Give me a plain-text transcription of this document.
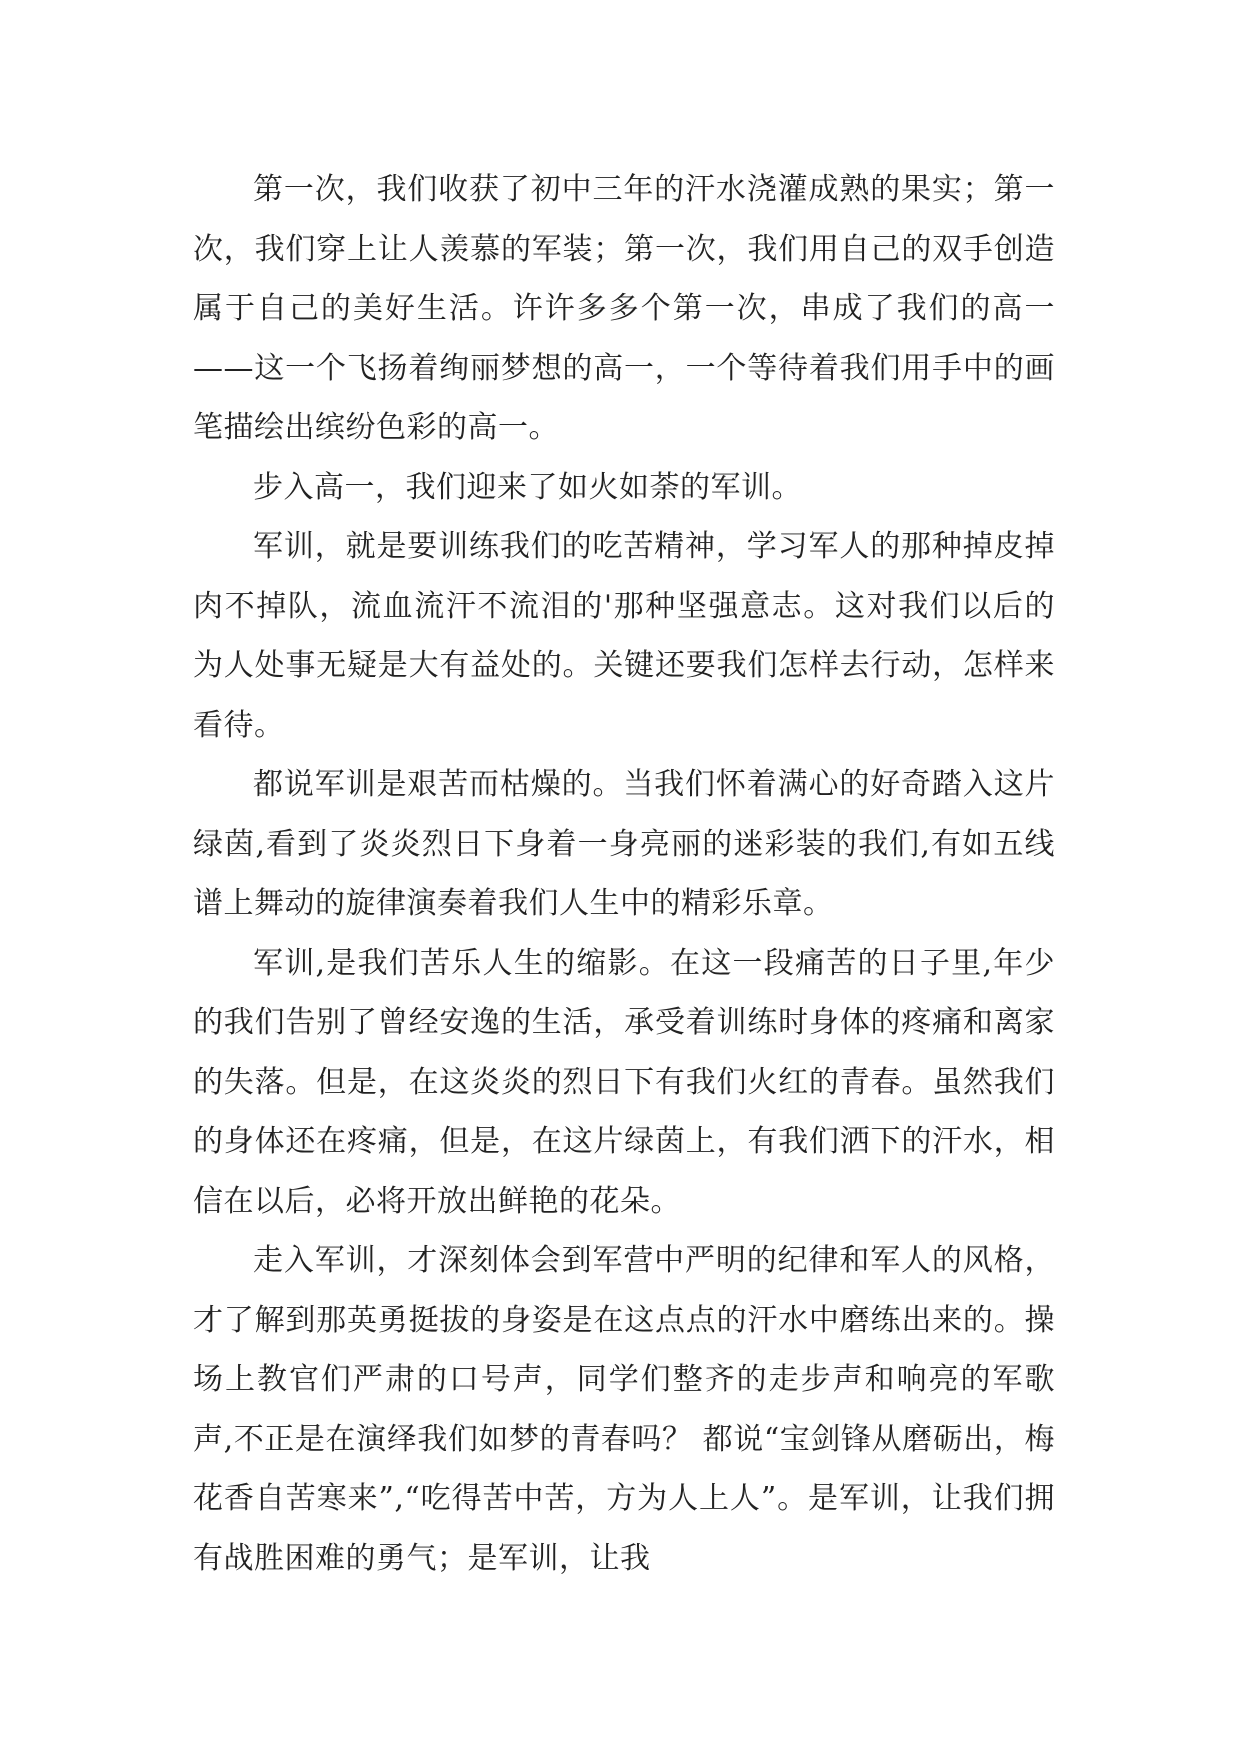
第一次，我们收获了初中三年的汗水浇灌成熟的果实；第一次，我们穿上让人羡慕的军装；第一次，我们用自己的双手创造属于自己的美好生活。许许多多个第一次，串成了我们的高一——这一个飞扬着绚丽梦想的高一，一个等待着我们用手中的画笔描绘出缤纷色彩的高一。

步入高一，我们迎来了如火如荼的军训。

军训，就是要训练我们的吃苦精神，学习军人的那种掉皮掉肉不掉队，流血流汗不流泪的'那种坚强意志。这对我们以后的为人处事无疑是大有益处的。关键还要我们怎样去行动，怎样来看待。

都说军训是艰苦而枯燥的。当我们怀着满心的好奇踏入这片绿茵,看到了炎炎烈日下身着一身亮丽的迷彩装的我们,有如五线谱上舞动的旋律演奏着我们人生中的精彩乐章。

军训,是我们苦乐人生的缩影。在这一段痛苦的日子里,年少的我们告别了曾经安逸的生活，承受着训练时身体的疼痛和离家的失落。但是，在这炎炎的烈日下有我们火红的青春。虽然我们的身体还在疼痛，但是，在这片绿茵上，有我们洒下的汗水，相信在以后，必将开放出鲜艳的花朵。

走入军训，才深刻体会到军营中严明的纪律和军人的风格，才了解到那英勇挺拔的身姿是在这点点的汗水中磨练出来的。操场上教官们严肃的口号声，同学们整齐的走步声和响亮的军歌声,不正是在演绎我们如梦的青春吗？ 都说“宝剑锋从磨砺出，梅花香自苦寒来”,“吃得苦中苦，方为人上人”。是军训，让我们拥有战胜困难的勇气；是军训，让我
